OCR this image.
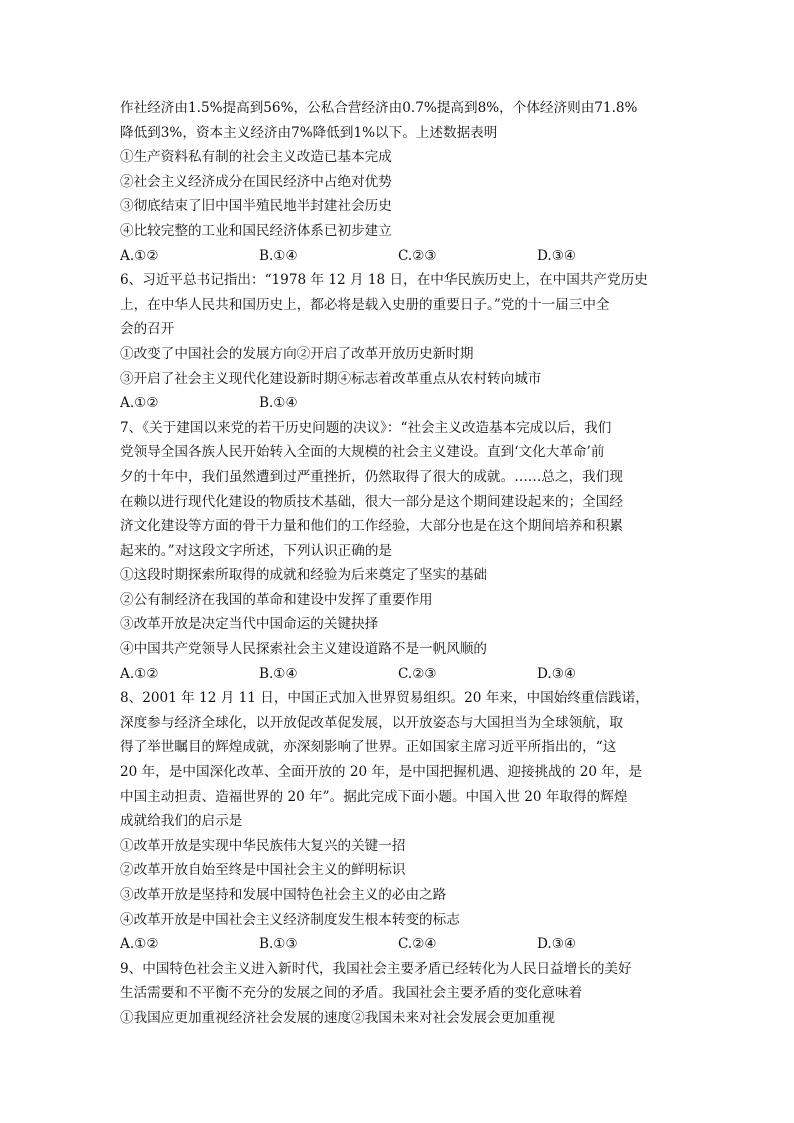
作社经济由1.5%提高到56%，公私合营经济由0.7%提高到8%，个体经济则由71.8%
降低到3%，资本主义经济由7%降低到1%以下。上述数据表明
①生产资料私有制的社会主义改造已基本完成
②社会主义经济成分在国民经济中占绝对优势
③彻底结束了旧中国半殖民地半封建社会历史
④比较完整的工业和国民经济体系已初步建立
A.①②	B.①④	C.②③	D.③④
6、习近平总书记指出：“1978 年 12 月 18 日，在中华民族历史上，在中国共产党历史
上，在中华人民共和国历史上，都必将是载入史册的重要日子。”党的十一届三中全
会的召开
①改变了中国社会的发展方向②开启了改革开放历史新时期
③开启了社会主义现代化建设新时期④标志着改革重点从农村转向城市
A.①②	B.①④
7、《关于建国以来党的若干历史问题的决议》：“社会主义改造基本完成以后，我们
党领导全国各族人民开始转入全面的大规模的社会主义建设。直到‘文化大革命’前
夕的十年中，我们虽然遭到过严重挫折，仍然取得了很大的成就。……总之，我们现
在赖以进行现代化建设的物质技术基础，很大一部分是这个期间建设起来的；全国经
济文化建设等方面的骨干力量和他们的工作经验，大部分也是在这个期间培养和积累
起来的。”对这段文字所述，下列认识正确的是
①这段时期探索所取得的成就和经验为后来奠定了坚实的基础
②公有制经济在我国的革命和建设中发挥了重要作用
③改革开放是决定当代中国命运的关键抉择
④中国共产党领导人民探索社会主义建设道路不是一帆风顺的
A.①②	B.①④	C.②③	D.③④
8、2001 年 12 月 11 日，中国正式加入世界贸易组织。20 年来，中国始终重信践诺，
深度参与经济全球化，以开放促改革促发展，以开放姿态与大国担当为全球领航，取
得了举世瞩目的辉煌成就，亦深刻影响了世界。正如国家主席习近平所指出的，“这
20 年，是中国深化改革、全面开放的 20 年，是中国把握机遇、迎接挑战的 20 年，是
中国主动担责、造福世界的 20 年”。据此完成下面小题。中国入世 20 年取得的辉煌
成就给我们的启示是
①改革开放是实现中华民族伟大复兴的关键一招
②改革开放自始至终是中国社会主义的鲜明标识
③改革开放是坚持和发展中国特色社会主义的必由之路
④改革开放是中国社会主义经济制度发生根本转变的标志
A.①②	B.①③	C.②④	D.③④
9、中国特色社会主义进入新时代，我国社会主要矛盾已经转化为人民日益增长的美好
生活需要和不平衡不充分的发展之间的矛盾。我国社会主要矛盾的变化意味着
①我国应更加重视经济社会发展的速度②我国未来对社会发展会更加重视
